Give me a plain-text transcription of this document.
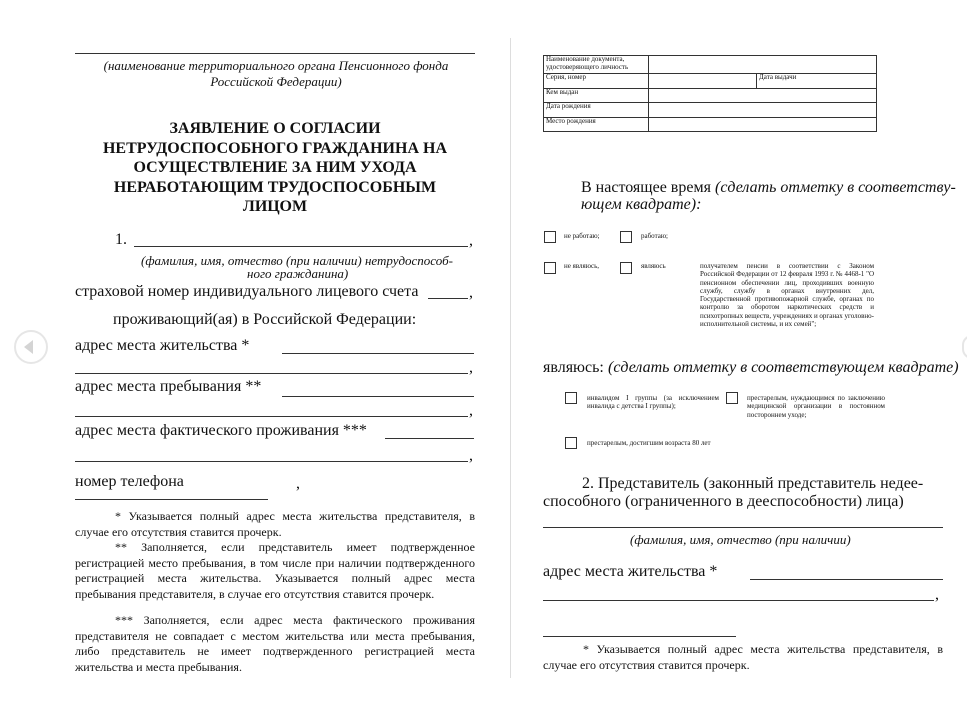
(наименование территориального органа Пенсионного фонда Российской Федерации)
ЗАЯВЛЕНИЕ О СОГЛАСИИ НЕТРУДОСПОСОБНОГО ГРАЖДАНИНА НА ОСУЩЕСТВЛЕНИЕ ЗА НИМ УХОДА НЕРАБОТАЮЩИМ ТРУДОСПОСОБНЫМ ЛИЦОМ
1.	,
(фамилия, имя, отчество (при наличии) нетрудоспособ-
ного гражданина)
страховой номер индивидуального лицевого счета	,
проживающий(ая) в Российской Федерации:
адрес места жительства *
,
адрес места пребывания **
,
адрес места фактического проживания ***
,
номер телефона	,
* Указывается полный адрес места жительства представителя, в случае его отсутствия ставится прочерк.
** Заполняется, если представитель имеет подтвержденное регистрацией место пребывания, в том числе при наличии подтвержденного регистрацией места жительства. Указывается полный адрес места пребывания представителя, в случае его отсутствия ставится прочерк.
*** Заполняется, если адрес места фактического проживания представителя не совпадает с местом жительства или места пребывания, либо представитель не имеет подтвержденного регистрацией места жительства и места пребывания.
Наименование документа,
удостоверяющего личность		
Серия, номер		Дата выдачи
Кем выдан		
Дата рождения		
Место рождения		
В настоящее время (сделать отметку в соответству-
ющем квадрате):
не работаю;	работаю;
не являюсь,	являюсь	получателем пенсии в соответствии с Законом Российской Федерации от 12 февраля 1993 г. № 4468-1 "О пенсионном обеспечении лиц, проходивших военную службу, службу в органах внутренних дел, Государственной противопожарной службе, органах по контролю за оборотом наркотических средств и психотропных веществ, учреждениях и органах уголовно-исполнительной системы, и их семей";
являюсь: (сделать отметку в соответствующем квадрате)
инвалидом I группы (за исключением инвалида с детства I группы);
престарелым, нуждающимся по заключению медицинской организации в постоянном постороннем уходе;
престарелым, достигшим возраста 80 лет
2. Представитель (законный представитель недее-
способного (ограниченного в дееспособности) лица)
(фамилия, имя, отчество (при наличии)
адрес места жительства *
,
* Указывается полный адрес места жительства представителя, в случае его отсутствия ставится прочерк.
